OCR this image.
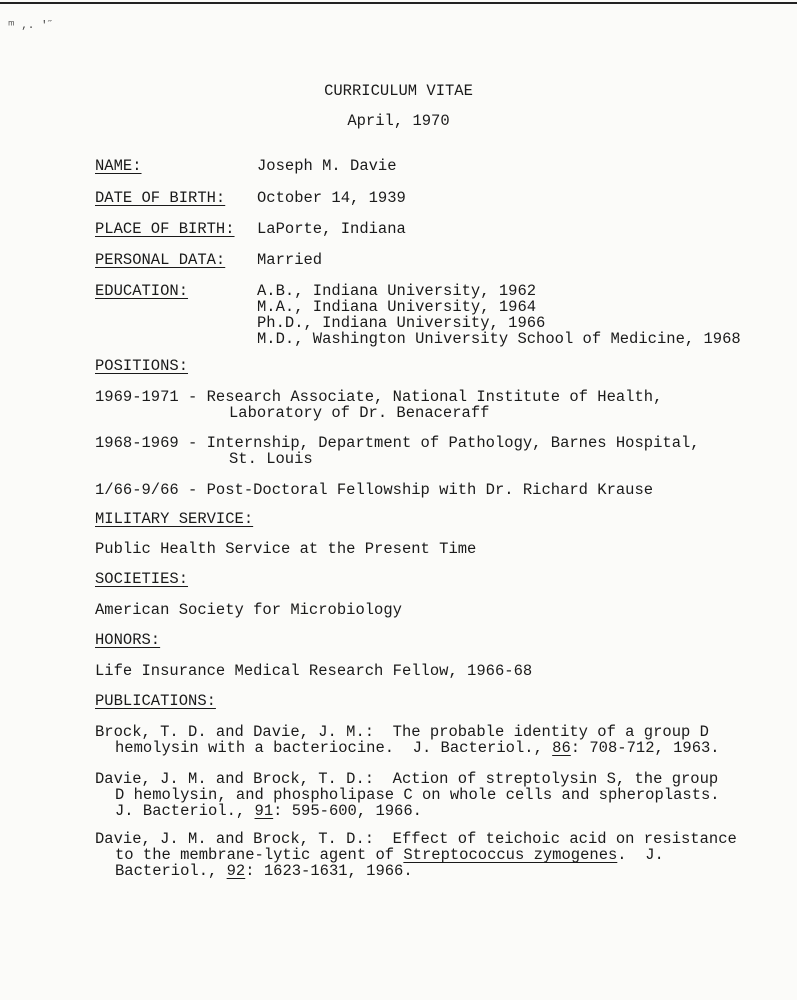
ᵐ ,. ′˝
CURRICULUM VITAE
April, 1970
NAME:	Joseph M. Davie
DATE OF BIRTH: October 14, 1939
PLACE OF BIRTH: LaPorte, Indiana
PERSONAL DATA: Married
EDUCATION:	A.B., Indiana University, 1962
M.A., Indiana University, 1964
Ph.D., Indiana University, 1966
M.D., Washington University School of Medicine, 1968
POSITIONS:
1969-1971 - Research Associate, National Institute of Health,
Laboratory of Dr. Benaceraff
1968-1969 - Internship, Department of Pathology, Barnes Hospital,
St. Louis
1/66-9/66 - Post-Doctoral Fellowship with Dr. Richard Krause
MILITARY SERVICE:
Public Health Service at the Present Time
SOCIETIES:
American Society for Microbiology
HONORS:
Life Insurance Medical Research Fellow, 1966-68
PUBLICATIONS:
Brock, T. D. and Davie, J. M.:  The probable identity of a group D
hemolysin with a bacteriocine.  J. Bacteriol., 86: 708-712, 1963.
Davie, J. M. and Brock, T. D.:  Action of streptolysin S, the group
D hemolysin, and phospholipase C on whole cells and spheroplasts.
J. Bacteriol., 91: 595-600, 1966.
Davie, J. M. and Brock, T. D.:  Effect of teichoic acid on resistance
to the membrane-lytic agent of Streptococcus zymogenes.  J.
Bacteriol., 92: 1623-1631, 1966.
